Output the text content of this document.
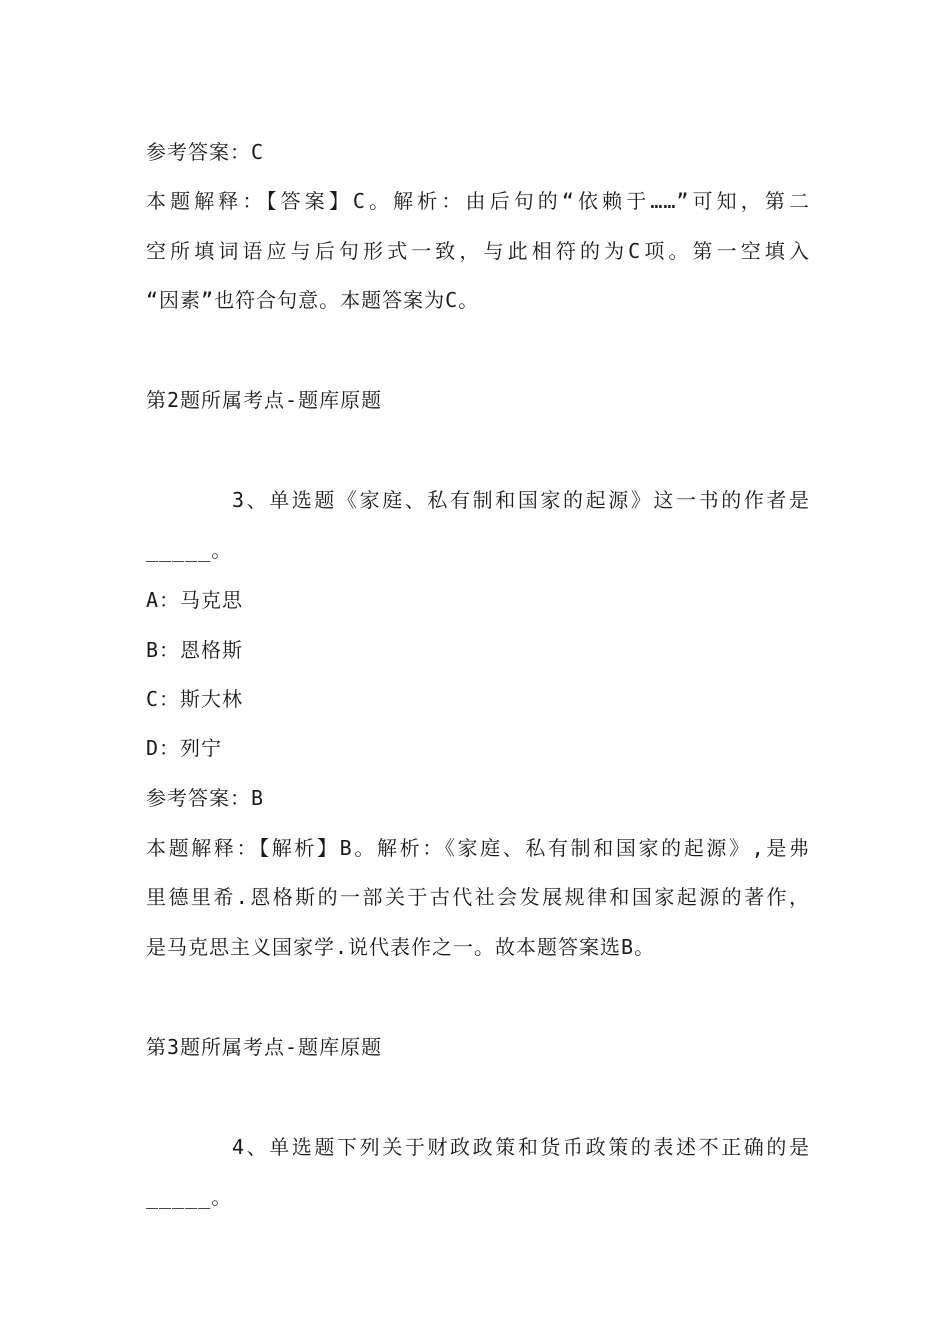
参考答案：C
本题解释：【答案】C。解析：由后句的“依赖于……”可知，第二
空所填词语应与后句形式一致，与此相符的为C项。第一空填入
“因素”也符合句意。本题答案为C。
第2题所属考点-题库原题
3、单选题《家庭、私有制和国家的起源》这一书的作者是
_____。
A：马克思
B：恩格斯
C：斯大林
D：列宁
参考答案：B
本题解释：【解析】B。解析：《家庭、私有制和国家的起源》,是弗
里德里希.恩格斯的一部关于古代社会发展规律和国家起源的著作，
是马克思主义国家学.说代表作之一。故本题答案选B。
第3题所属考点-题库原题
4、单选题下列关于财政政策和货币政策的表述不正确的是
_____。
